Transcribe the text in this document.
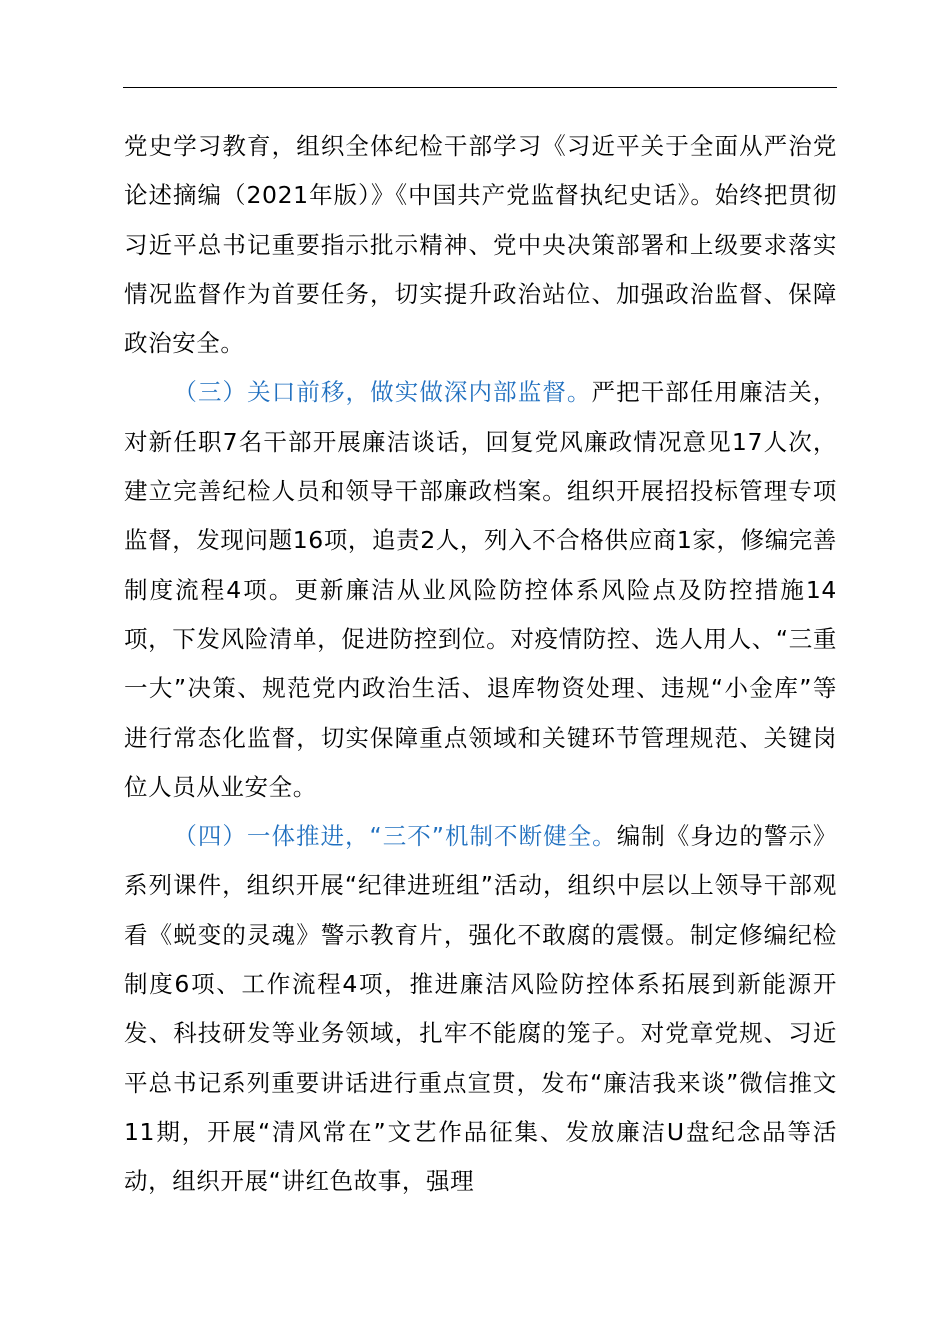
党史学习教育，组织全体纪检干部学习《习近平关于全面从严治党论述摘编（2021年版）》《中国共产党监督执纪史话》。始终把贯彻习近平总书记重要指示批示精神、党中央决策部署和上级要求落实情况监督作为首要任务，切实提升政治站位、加强政治监督、保障政治安全。

（三）关口前移，做实做深内部监督。严把干部任用廉洁关，对新任职7名干部开展廉洁谈话，回复党风廉政情况意见17人次，建立完善纪检人员和领导干部廉政档案。组织开展招投标管理专项监督，发现问题16项，追责2人，列入不合格供应商1家，修编完善制度流程4项。更新廉洁从业风险防控体系风险点及防控措施14项，下发风险清单，促进防控到位。对疫情防控、选人用人、“三重一大”决策、规范党内政治生活、退库物资处理、违规“小金库”等进行常态化监督，切实保障重点领域和关键环节管理规范、关键岗位人员从业安全。

（四）一体推进，“三不”机制不断健全。编制《身边的警示》系列课件，组织开展“纪律进班组”活动，组织中层以上领导干部观看《蜕变的灵魂》警示教育片，强化不敢腐的震慑。制定修编纪检制度6项、工作流程4项，推进廉洁风险防控体系拓展到新能源开发、科技研发等业务领域，扎牢不能腐的笼子。对党章党规、习近平总书记系列重要讲话进行重点宣贯，发布“廉洁我来谈”微信推文11期，开展“清风常在”文艺作品征集、发放廉洁U盘纪念品等活动，组织开展“讲红色故事，强理
